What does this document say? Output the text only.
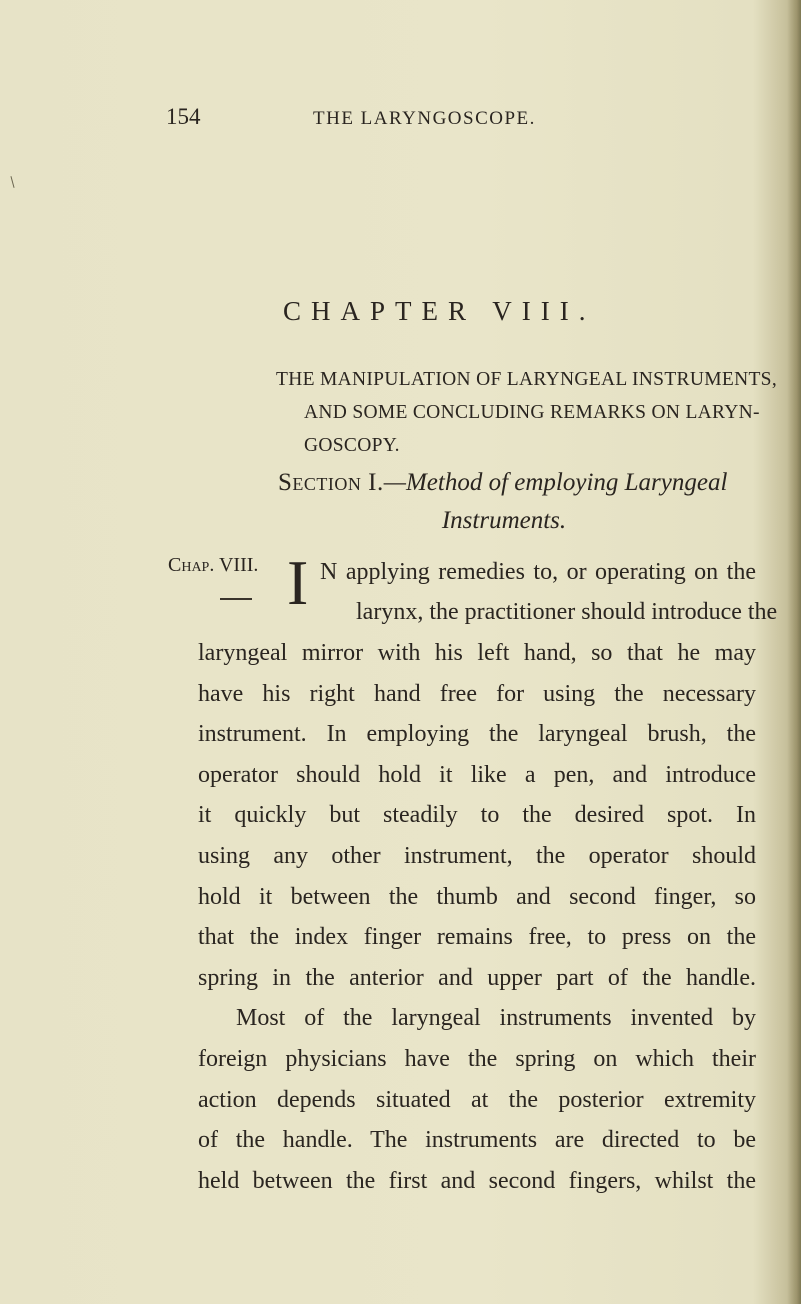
154	THE LARYNGOSCOPE.
CHAPTER VIII.
THE MANIPULATION OF LARYNGEAL INSTRUMENTS,
AND SOME CONCLUDING REMARKS ON LARYN-
GOSCOPY.
Section I.—Method of employing Laryngeal
Instruments.
Chap. VIII. I N applying remedies to, or operating on the
larynx, the practitioner should introduce the
laryngeal mirror with his left hand, so that he may
have his right hand free for using the necessary
instrument. In employing the laryngeal brush, the
operator should hold it like a pen, and introduce
it quickly but steadily to the desired spot. In
using any other instrument, the operator should
hold it between the thumb and second finger, so
that the index finger remains free, to press on the
spring in the anterior and upper part of the handle.
Most of the laryngeal instruments invented by
foreign physicians have the spring on which their
action depends situated at the posterior extremity
of the handle. The instruments are directed to be
held between the first and second fingers, whilst the
